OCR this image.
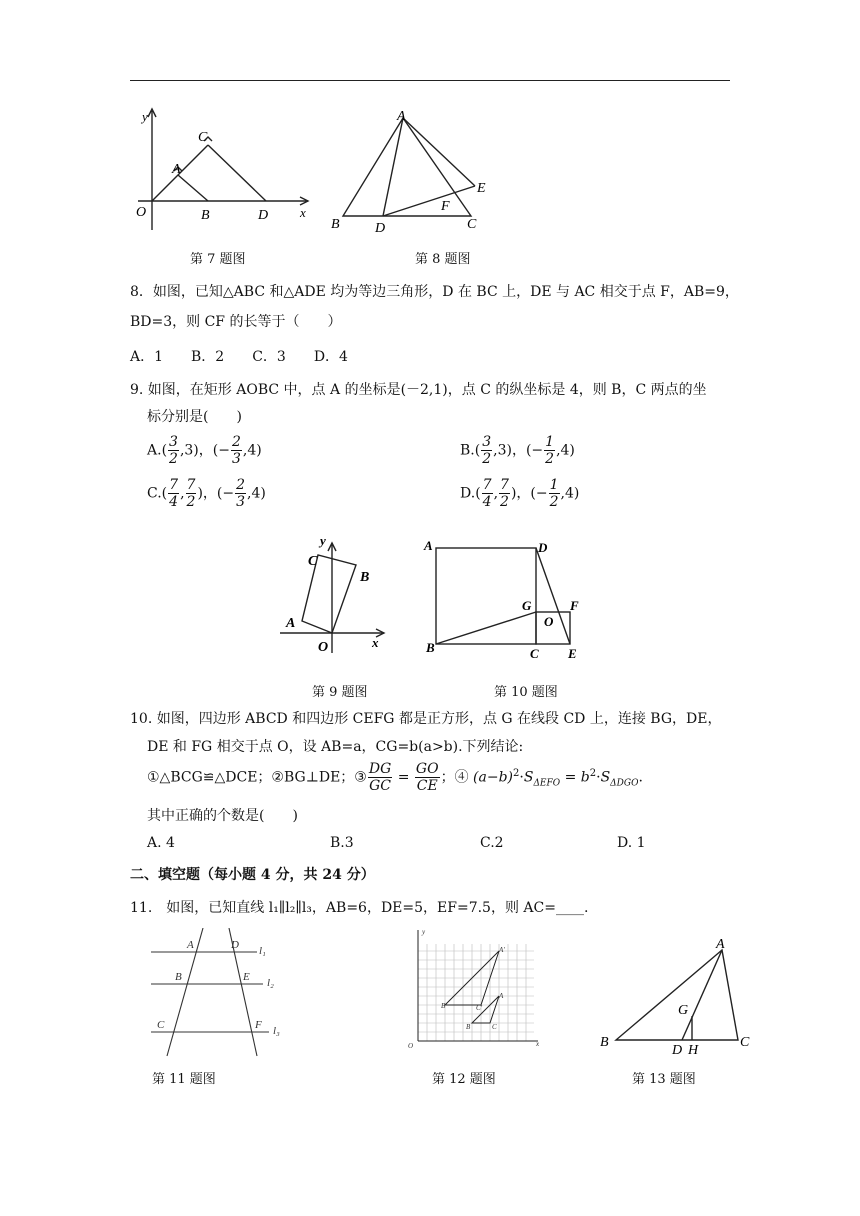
y
O
A
C
B	D x
第 7 题图
A
B	D	C
E
F
第 8 题图
8．如图，已知△ABC 和△ADE 均为等边三角形，D 在 BC 上，DE 与 AC 相交于点 F，AB=9，
BD=3，则 CF 的长等于（　　）
A．1　　B．2　　C．3　　D．4
9. 如图，在矩形 AOBC 中，点 A 的坐标是(－2,1)，点 C 的纵坐标是 4，则 B，C 两点的坐
标分别是(　　)
$A.( \frac{3}{2} ,3)$，(− $\frac{2}{3} ,4$)	$B.( \frac{3}{2} ,3)$，(− $\frac{1}{2} ,4$)
$C.( \frac{7}{4}$ , $\frac{7}{2}$ )，(− $\frac{2}{3} ,4$)	$D.( \frac{7}{4}$ , $\frac{7}{2}$ )，(− $\frac{1}{2} ,4$)
y
C
B
A
O	x
第 9 题图
A	D
B	C E
G	F
O
第 10 题图
10. 如图，四边形 ABCD 和四边形 CEFG 都是正方形，点 G 在线段 CD 上，连接 BG，DE，
DE 和 FG 相交于点 O，设 AB=a，CG=b(a>b).下列结论:
①△BCG≌△DCE；②BG⊥DE；③ $\frac{DG}{GC} = \frac{GO}{CE}$ ；④ $(a-b)^2\cdot S_{\Delta EFO} = b^2\cdot S_{\Delta DGO}$.
其中正确的个数是(　　)
A. 4	B.3	C.2	D. 1
二、填空题（每小题 4 分，共 24 分）
11.　如图，已知直线 l₁∥l₂∥l₃，AB=6，DE=5，EF=7.5，则 AC=____.
A
B
C
D
E
F
l₁
l₂
l₃
第 11 题图
y
O	x
B'
A'
C'
B
A
C
第 12 题图
A
B	C
D H
G
第 13 题图
